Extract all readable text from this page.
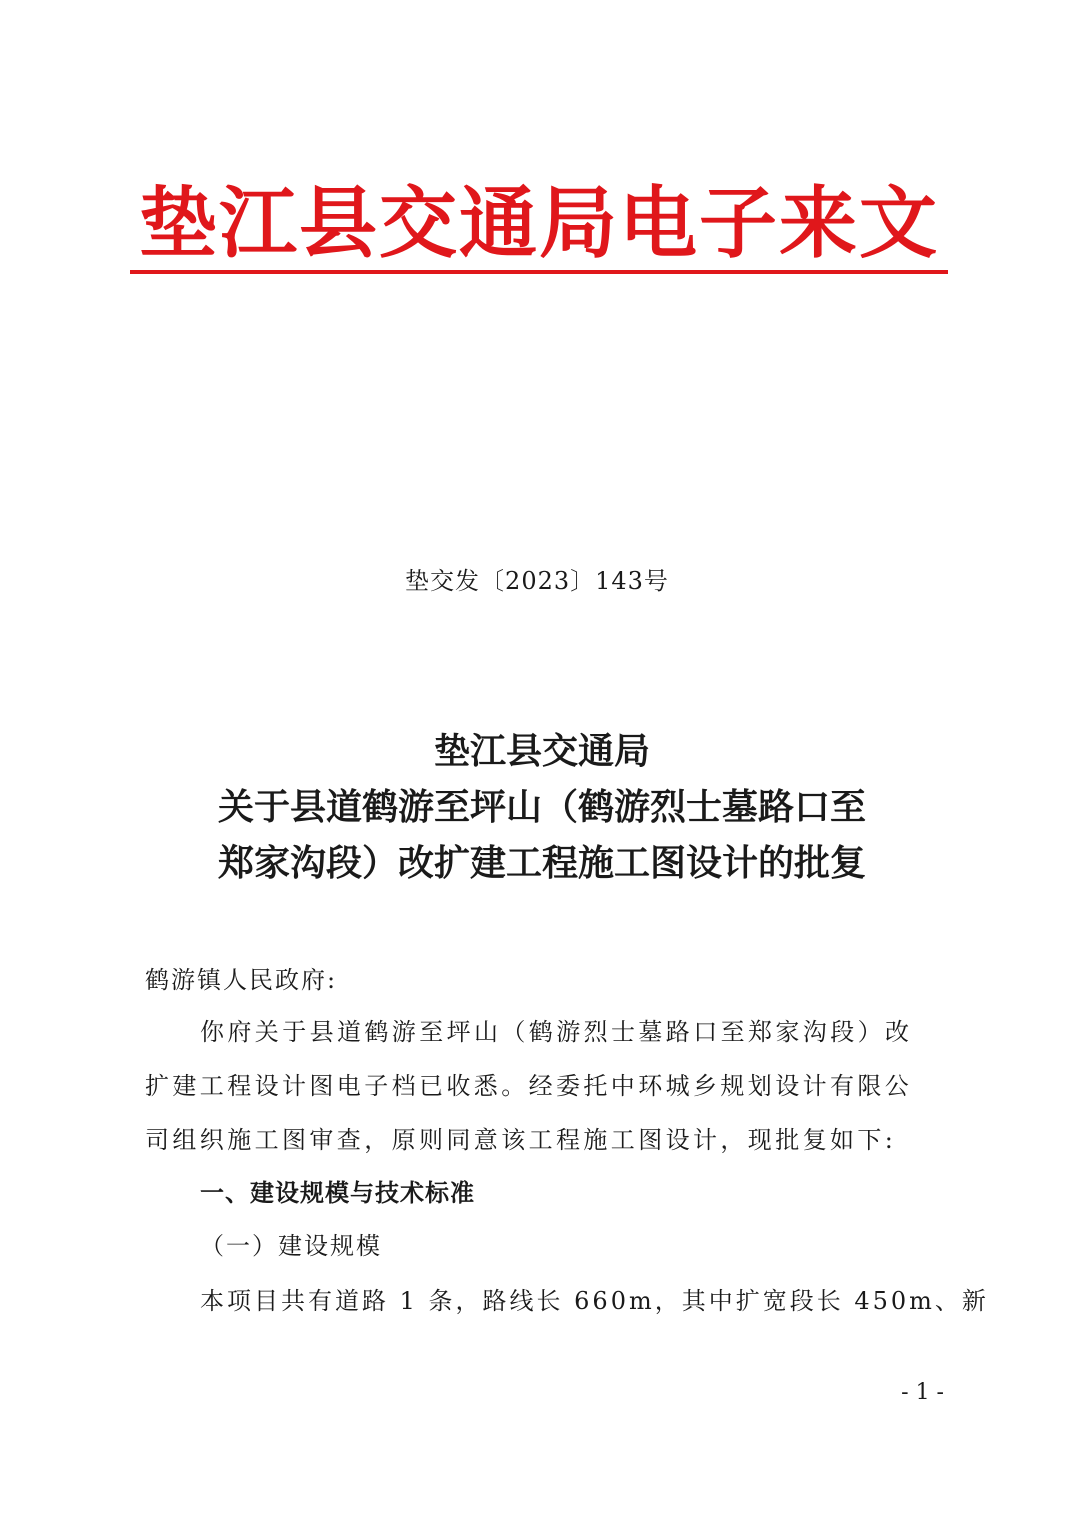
垫江县交通局电子来文
垫交发〔2023〕143号
垫江县交通局
关于县道鹤游至坪山（鹤游烈士墓路口至
郑家沟段）改扩建工程施工图设计的批复
鹤游镇人民政府:
你府关于县道鹤游至坪山（鹤游烈士墓路口至郑家沟段）改
扩建工程设计图电子档已收悉。经委托中环城乡规划设计有限公
司组织施工图审查，原则同意该工程施工图设计，现批复如下:
一、建设规模与技术标准
（一）建设规模
本项目共有道路 1 条，路线长 660m，其中扩宽段长 450m、新
- 1 -
